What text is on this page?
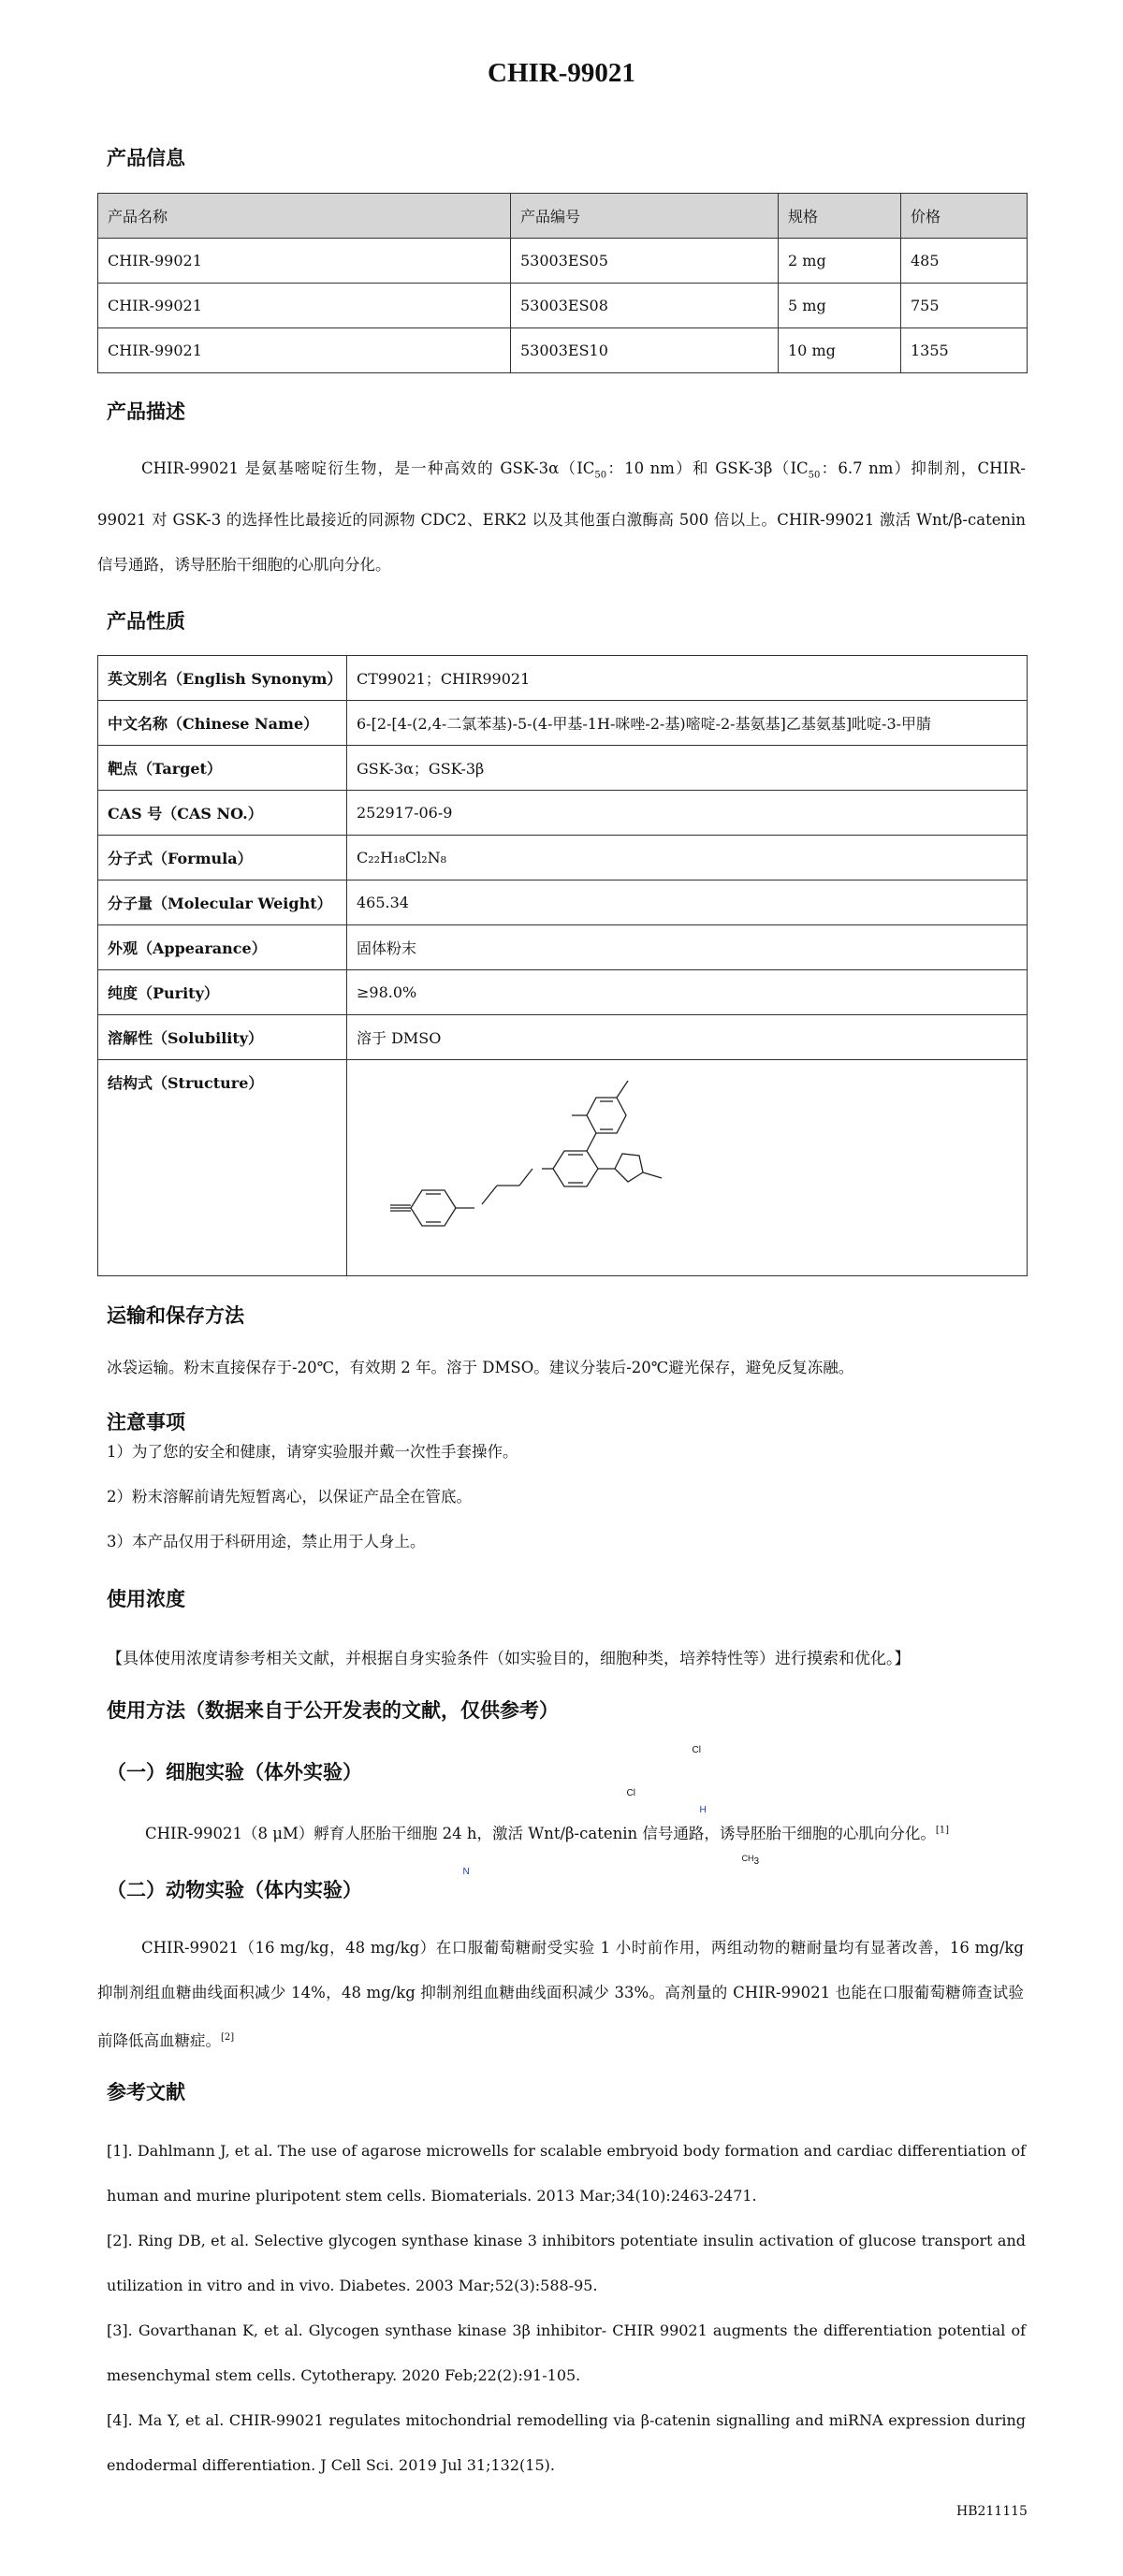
CHIR-99021
产品信息
产品名称	产品编号	规格	价格
CHIR-99021	53003ES05	2 mg	485
CHIR-99021	53003ES08	5 mg	755
CHIR-99021	53003ES10	10 mg	1355
产品描述

CHIR-99021 是氨基嘧啶衍生物，是一种高效的 GSK-$3\alpha(IC_{50}$：10 nm）和 GSK-$3\beta(IC_{50}$：6.7 nm）抑制剂，CHIR-99021 对 GSK-3 的选择性比最接近的同源物 CDC2、ERK2 以及其他蛋白激酶高 500 倍以上。CHIR-99021 激活 Wnt/β-catenin 信号通路，诱导胚胎干细胞的心肌向分化。

产品性质
英文别名（English Synonym）	CT99021；CHIR99021
中文名称（Chinese Name）	6-[2-[4-(2,4-二氯苯基)-5-(4-甲基-1H-咪唑-2-基)嘧啶-2-基氨基]乙基氨基]吡啶-3-甲腈
靶点（Target）	GSK-3α；GSK-3β
CAS 号（CAS NO.）	252917-06-9
分子式（Formula）	C₂₂H₁₈Cl₂N₈
分子量（Molecular Weight）	465.34
外观（Appearance）	固体粉末
纯度（Purity）	≥98.0%
溶解性（Solubility）	溶于 DMSO
结构式（Structure）	Cl
Cl
N
H
$CH_3$
运输和保存方法

冰袋运输。粉末直接保存于-20℃，有效期 2 年。溶于 DMSO。建议分装后-20℃避光保存，避免反复冻融。

注意事项

1）为了您的安全和健康，请穿实验服并戴一次性手套操作。

2）粉末溶解前请先短暂离心，以保证产品全在管底。

3）本产品仅用于科研用途，禁止用于人身上。

使用浓度

【具体使用浓度请参考相关文献，并根据自身实验条件（如实验目的，细胞种类，培养特性等）进行摸索和优化。】

使用方法（数据来自于公开发表的文献，仅供参考）
（一）细胞实验（体外实验）

CHIR-99021（8 μM）孵育人胚胎干细胞 24 h，激活 Wnt/β-catenin 信号通路，诱导胚胎干细胞的心肌向分化。[1]

（二）动物实验（体内实验）

CHIR-99021（16 mg/kg，48 mg/kg）在口服葡萄糖耐受实验 1 小时前作用，两组动物的糖耐量均有显著改善，16 mg/kg 抑制剂组血糖曲线面积减少 14%，48 mg/kg 抑制剂组血糖曲线面积减少 33%。高剂量的 CHIR-99021 也能在口服葡萄糖筛查试验前降低高血糖症。[2]

参考文献

[1]. Dahlmann J, et al. The use of agarose microwells for scalable embryoid body formation and cardiac differentiation of human and murine pluripotent stem cells. Biomaterials. 2013 Mar;34(10):2463-2471.

[2]. Ring DB, et al. Selective glycogen synthase kinase 3 inhibitors potentiate insulin activation of glucose transport and utilization in vitro and in vivo. Diabetes. 2003 Mar;52(3):588-95.

[3]. Govarthanan K, et al. Glycogen synthase kinase 3β inhibitor- CHIR 99021 augments the differentiation potential of mesenchymal stem cells. Cytotherapy. 2020 Feb;22(2):91-105.

[4]. Ma Y, et al. CHIR-99021 regulates mitochondrial remodelling via β-catenin signalling and miRNA expression during endodermal differentiation. J Cell Sci. 2019 Jul 31;132(15).

HB211115
